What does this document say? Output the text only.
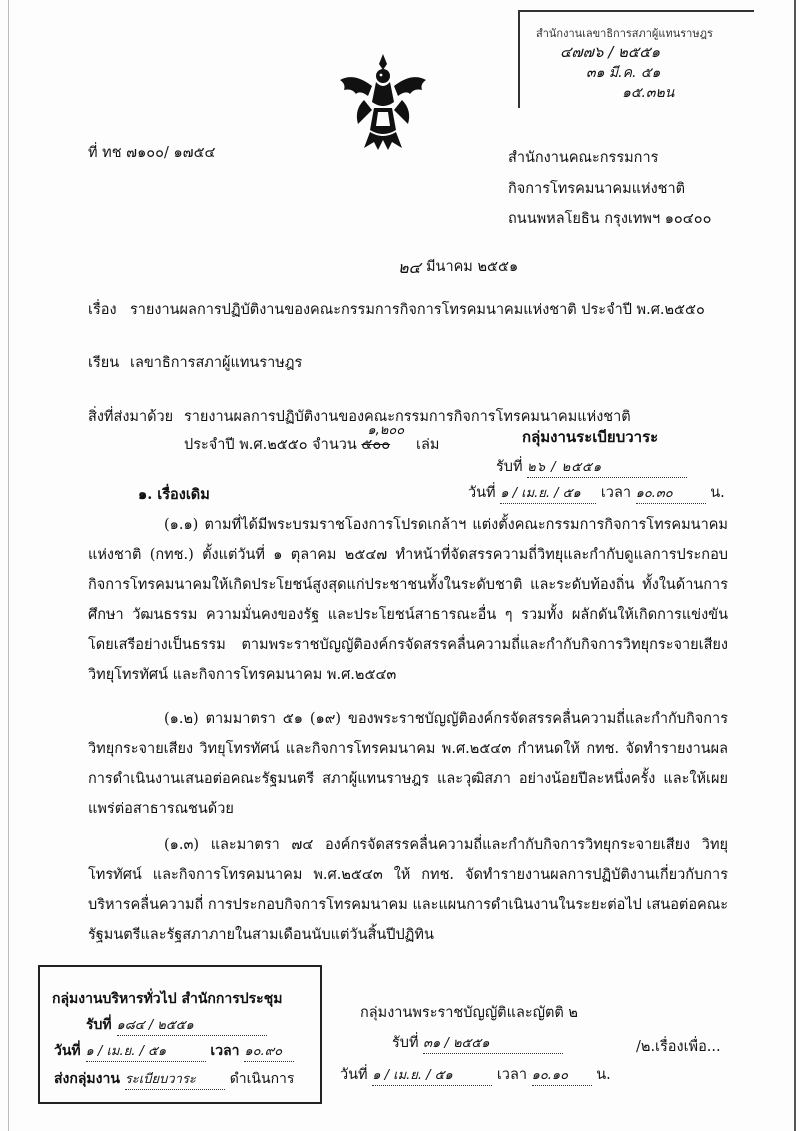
สำนักงานเลขาธิการสภาผู้แทนราษฎร
๔๗๗๖ / ๒๕๕๑
๓๑ มี.ค. ๕๑
๑๕.๓๒น
ที่ ทช ๗๑๐๐/ ๑๗๕๔	สำนักงานคณะกรรมการ
กิจการโทรคมนาคมแห่งชาติ
ถนนพหลโยธิน กรุงเทพฯ ๑๐๔๐๐
๒๔ มีนาคม ๒๕๕๑
เรื่อง รายงานผลการปฏิบัติงานของคณะกรรมการกิจการโทรคมนาคมแห่งชาติ ประจำปี พ.ศ.๒๕๕๐
เรียน เลขาธิการสภาผู้แทนราษฎร
สิ่งที่ส่งมาด้วย รายงานผลการปฏิบัติงานของคณะกรรมการกิจการโทรคมนาคมแห่งชาติ
ประจำปี พ.ศ.๒๕๕๐ จำนวน
๑,๒๐๐
๕๐๐ เล่ม	กลุ่มงานระเบียบวาระ
รับที่ ๒๖ / ๒๕๕๑
วันที่ ๑ / เม.ย. / ๕๑ เวลา ๑๐.๓๐	น.
๑. เรื่องเดิม
(๑.๑) ตามที่ได้มีพระบรมราชโองการโปรดเกล้าฯ แต่งตั้งคณะกรรมการกิจการโทรคมนาคมแห่งชาติ (กทช.) ตั้งแต่วันที่ ๑ ตุลาคม ๒๕๔๗ ทำหน้าที่จัดสรรความถี่วิทยุและกำกับดูแลการประกอบกิจการโทรคมนาคมให้เกิดประโยชน์สูงสุดแก่ประชาชนทั้งในระดับชาติ และระดับท้องถิ่น ทั้งในด้านการศึกษา วัฒนธรรม ความมั่นคงของรัฐ และประโยชน์สาธารณะอื่น ๆ รวมทั้ง ผลักดันให้เกิดการแข่งขันโดยเสรีอย่างเป็นธรรม ตามพระราชบัญญัติองค์กรจัดสรรคลื่นความถี่และกำกับกิจการวิทยุกระจายเสียง วิทยุโทรทัศน์ และกิจการโทรคมนาคม พ.ศ.๒๕๔๓
(๑.๒) ตามมาตรา ๕๑ (๑๙) ของพระราชบัญญัติองค์กรจัดสรรคลื่นความถี่และกำกับกิจการวิทยุกระจายเสียง วิทยุโทรทัศน์ และกิจการโทรคมนาคม พ.ศ.๒๕๔๓ กำหนดให้ กทช. จัดทำรายงานผลการดำเนินงานเสนอต่อคณะรัฐมนตรี สภาผู้แทนราษฎร และวุฒิสภา อย่างน้อยปีละหนึ่งครั้ง และให้เผยแพร่ต่อสาธารณชนด้วย
(๑.๓) และมาตรา ๗๔ องค์กรจัดสรรคลื่นความถี่และกำกับกิจการวิทยุกระจายเสียง วิทยุโทรทัศน์ และกิจการโทรคมนาคม พ.ศ.๒๕๔๓ ให้ กทช. จัดทำรายงานผลการปฏิบัติงานเกี่ยวกับการบริหารคลื่นความถี่ การประกอบกิจการโทรคมนาคม และแผนการดำเนินงานในระยะต่อไป เสนอต่อคณะรัฐมนตรีและรัฐสภาภายในสามเดือนนับแต่วันสิ้นปีปฏิทิน
กลุ่มงานบริหารทั่วไป สำนักการประชุม
รับที่ ๑๘๔ / ๒๕๕๑
วันที่ ๑ / เม.ย. / ๕๑	เวลา ๑๐.๙๐
ส่งกลุ่มงาน ระเบียบวาระ ดำเนินการ
กลุ่มงานพระราชบัญญัติและญัตติ ๒
รับที่ ๓๑ / ๒๕๕๑	/๒.เรื่องเพื่อ...
วันที่ ๑ / เม.ย. / ๕๑	เวลา ๑๐.๑๐ น.
